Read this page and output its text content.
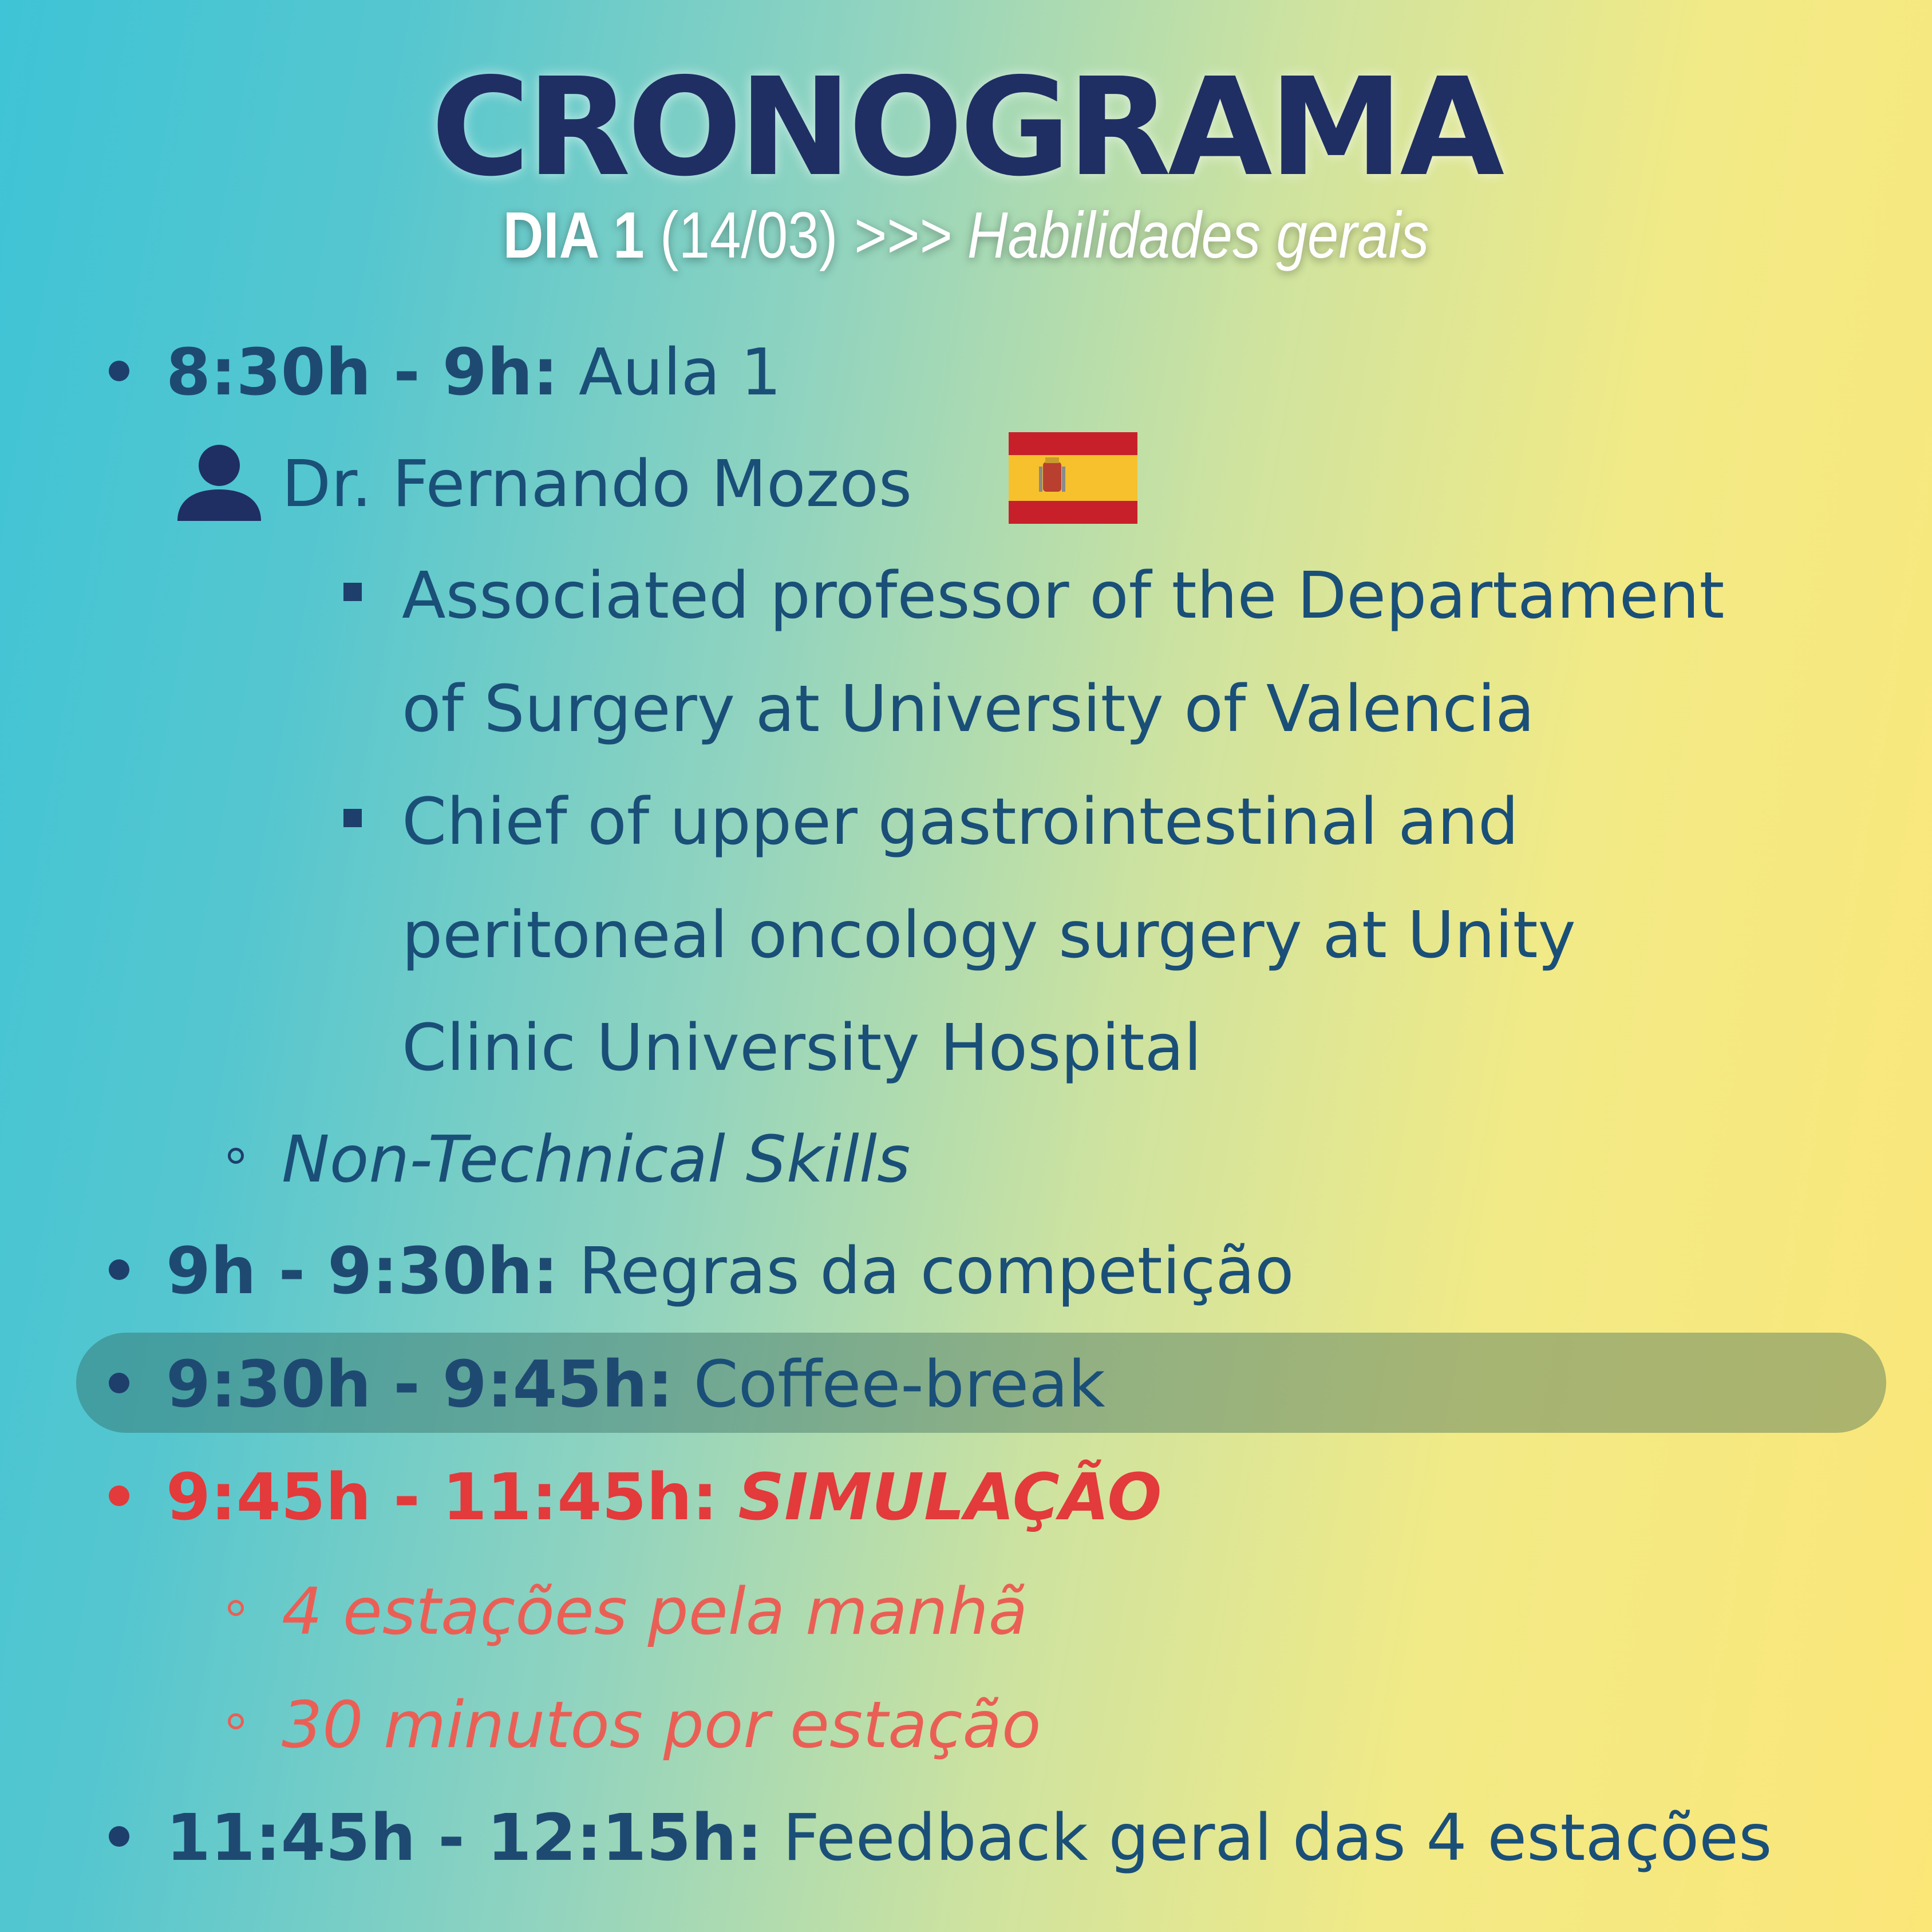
CRONOGRAMA
DIA 1 (14/03) >>> Habilidades gerais
8:30h - 9h: Aula 1
Dr. Fernando Mozos
Associated professor of the Departament
of Surgery at University of Valencia
Chief of upper gastrointestinal and
peritoneal oncology surgery at Unity
Clinic University Hospital
Non-Technical Skills
9h - 9:30h: Regras da competição
9:30h - 9:45h: Coffee-break
9:45h - 11:45h: SIMULAÇÃO
4 estações pela manhã
30 minutos por estação
11:45h - 12:15h: Feedback geral das 4 estações
